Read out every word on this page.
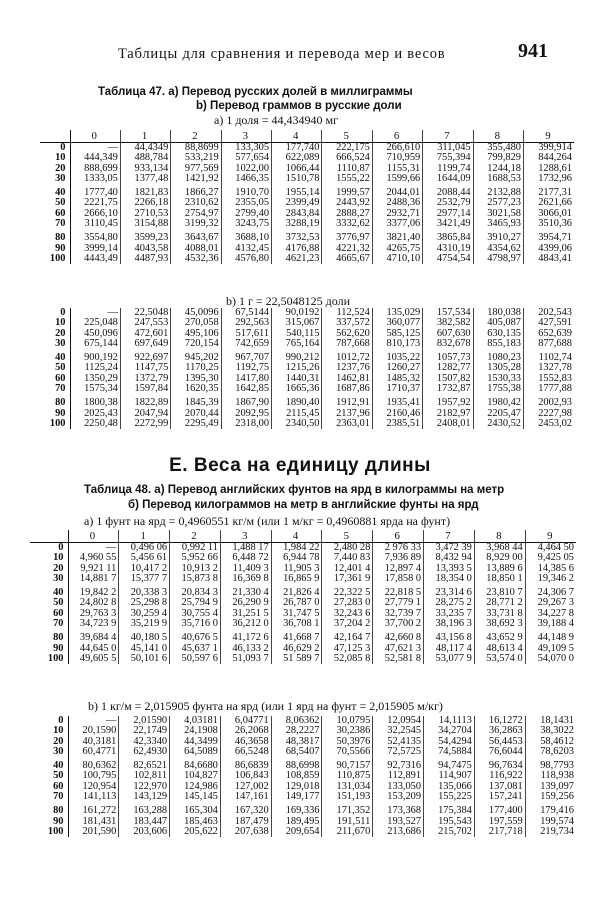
Таблицы для сравнения и перевода мер и весов	941
Таблица 47. а) Перевод русских долей в миллиграммы
b) Перевод граммов в русские доли
а) 1 доля = 44,434940 мг
	0	1	2	3	4	5	6	7	8	9
0	—	44,4349	88,8699	133,305	177,740	222,175	266,610	311,045	355,480	399,914
10	444,349	488,784	533,219	577,654	622,089	666,524	710,959	755,394	799,829	844,264
20	888,699	933,134	977,569	1022,00	1066,44	1110,87	1155,31	1199,74	1244,18	1288,61
30	1333,05	1377,48	1421,92	1466,35	1510,78	1555,22	1599,66	1644,09	1688,53	1732,96
40	1777,40	1821,83	1866,27	1910,70	1955,14	1999,57	2044,01	2088,44	2132,88	2177,31
50	2221,75	2266,18	2310,62	2355,05	2399,49	2443,92	2488,36	2532,79	2577,23	2621,66
60	2666,10	2710,53	2754,97	2799,40	2843,84	2888,27	2932,71	2977,14	3021,58	3066,01
70	3110,45	3154,88	3199,32	3243,75	3288,19	3332,62	3377,06	3421,49	3465,93	3510,36
80	3554,80	3599,23	3643,67	3688,10	3732,53	3776,97	3821,40	3865,84	3910,27	3954,71
90	3999,14	4043,58	4088,01	4132,45	4176,88	4221,32	4265,75	4310,19	4354,62	4399,06
100	4443,49	4487,93	4532,36	4576,80	4621,23	4665,67	4710,10	4754,54	4798,97	4843,41
b) 1 г = 22,5048125 доли
0	—	22,5048	45,0096	67,5144	90,0192	112,524	135,029	157,534	180,038	202,543
10	225,048	247,553	270,058	292,563	315,067	337,572	360,077	382,582	405,087	427,591
20	450,096	472,601	495,106	517,611	540,115	562,620	585,125	607,630	630,135	652,639
30	675,144	697,649	720,154	742,659	765,164	787,668	810,173	832,678	855,183	877,688
40	900,192	922,697	945,202	967,707	990,212	1012,72	1035,22	1057,73	1080,23	1102,74
50	1125,24	1147,75	1170,25	1192,75	1215,26	1237,76	1260,27	1282,77	1305,28	1327,78
60	1350,29	1372,79	1395,30	1417,80	1440,31	1462,81	1485,32	1507,82	1530,33	1552,83
70	1575,34	1597,84	1620,35	1642,85	1665,36	1687,86	1710,37	1732,87	1755,38	1777,88
80	1800,38	1822,89	1845,39	1867,90	1890,40	1912,91	1935,41	1957,92	1980,42	2002,93
90	2025,43	2047,94	2070,44	2092,95	2115,45	2137,96	2160,46	2182,97	2205,47	2227,98
100	2250,48	2272,99	2295,49	2318,00	2340,50	2363,01	2385,51	2408,01	2430,52	2453,02
Е. Веса на единицу длины
Таблица 48. а) Перевод английских фунтов на ярд в килограммы на метр
б) Перевод килограммов на метр в английские фунты на ярд
а) 1 фунт на ярд = 0,4960551 кг/м (или 1 м/кг = 0,4960881 ярда на фунт)
	0	1	2	3	4	5	6	7	8	9
0	—	0,496 06	0,992 11	1,488 17	1,984 22	2,480 28	2 976 33	3,472 39	3,968 44	4,464 50
10	4,960 55	5,456 61	5,952 66	6,448 72	6,944 78	7,440 83	7,936 89	8,432 94	8,929 00	9,425 05
20	9,921 11	10,417 2	10,913 2	11,409 3	11,905 3	12,401 4	12,897 4	13,393 5	13,889 6	14,385 6
30	14,881 7	15,377 7	15,873 8	16,369 8	16,865 9	17,361 9	17,858 0	18,354 0	18,850 1	19,346 2
40	19,842 2	20,338 3	20,834 3	21,330 4	21,826 4	22,322 5	22,818 5	23,314 6	23,810 7	24,306 7
50	24,802 8	25,298 8	25,794 9	26,290 9	26,787 0	27,283 0	27,779 1	28,275 2	28,771 2	29,267 3
60	29,763 3	30,259 4	30,755 4	31,251 5	31,747 5	32,243 6	32,739 7	33,235 7	33,731 8	34,227 8
70	34,723 9	35,219 9	35,716 0	36,212 0	36,708 1	37,204 2	37,700 2	38,196 3	38,692 3	39,188 4
80	39,684 4	40,180 5	40,676 5	41,172 6	41,668 7	42,164 7	42,660 8	43,156 8	43,652 9	44,148 9
90	44,645 0	45,141 0	45,637 1	46,133 2	46,629 2	47,125 3	47,621 3	48,117 4	48,613 4	49,109 5
100	49,605 5	50,101 6	50,597 6	51,093 7	51 589 7	52,085 8	52,581 8	53,077 9	53,574 0	54,070 0
b) 1 кг/м = 2,015905 фунта на ярд (или 1 ярд на фунт = 2,015905 м/кг)
0	—	2,01590	4,03181	6,04771	8,06362	10,0795	12,0954	14,1113	16,1272	18,1431
10	20,1590	22,1749	24,1908	26,2068	28,2227	30,2386	32,2545	34,2704	36,2863	38,3022
20	40,3181	42,3340	44,3499	46,3658	48,3817	50,3976	52,4135	54,4294	56,4453	58,4612
30	60,4771	62,4930	64,5089	66,5248	68,5407	70,5566	72,5725	74,5884	76,6044	78,6203
40	80,6362	82,6521	84,6680	86,6839	88,6998	90,7157	92,7316	94,7475	96,7634	98,7793
50	100,795	102,811	104,827	106,843	108,859	110,875	112,891	114,907	116,922	118,938
60	120,954	122,970	124,986	127,002	129,018	131,034	133,050	135,066	137,081	139,097
70	141,113	143,129	145,145	147,161	149,177	151,193	153,209	155,225	157,241	159,256
80	161,272	163,288	165,304	167,320	169,336	171,352	173,368	175,384	177,400	179,416
90	181,431	183,447	185,463	187,479	189,495	191,511	193,527	195,543	197,559	199,574
100	201,590	203,606	205,622	207,638	209,654	211,670	213,686	215,702	217,718	219,734
